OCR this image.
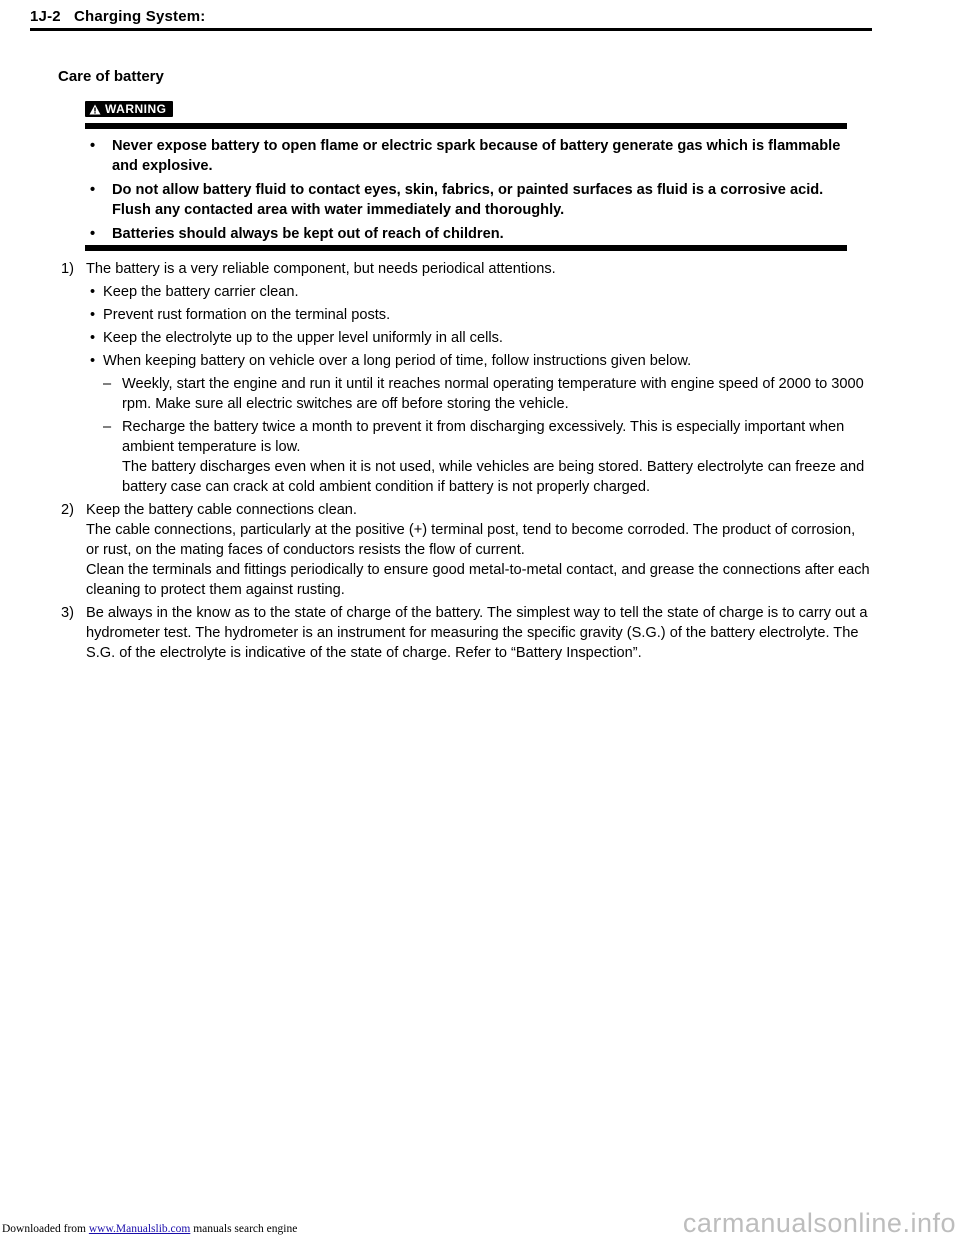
1J-2 Charging System:
Care of battery
WARNING
• Never expose battery to open flame or electric spark because of battery generate gas which is flammable and explosive.
• Do not allow battery fluid to contact eyes, skin, fabrics, or painted surfaces as fluid is a corrosive acid. Flush any contacted area with water immediately and thoroughly.
• Batteries should always be kept out of reach of children.
1) The battery is a very reliable component, but needs periodical attentions.
• Keep the battery carrier clean.
• Prevent rust formation on the terminal posts.
• Keep the electrolyte up to the upper level uniformly in all cells.
• When keeping battery on vehicle over a long period of time, follow instructions given below.
– Weekly, start the engine and run it until it reaches normal operating temperature with engine speed of 2000 to 3000 rpm. Make sure all electric switches are off before storing the vehicle.
– Recharge the battery twice a month to prevent it from discharging excessively. This is especially important when ambient temperature is low.
The battery discharges even when it is not used, while vehicles are being stored. Battery electrolyte can freeze and battery case can crack at cold ambient condition if battery is not properly charged.
2) Keep the battery cable connections clean.
The cable connections, particularly at the positive (+) terminal post, tend to become corroded. The product of corrosion, or rust, on the mating faces of conductors resists the flow of current.
Clean the terminals and fittings periodically to ensure good metal-to-metal contact, and grease the connections after each cleaning to protect them against rusting.
3) Be always in the know as to the state of charge of the battery. The simplest way to tell the state of charge is to carry out a hydrometer test. The hydrometer is an instrument for measuring the specific gravity (S.G.) of the battery electrolyte. The S.G. of the electrolyte is indicative of the state of charge. Refer to “Battery Inspection”.
Downloaded from www.Manualslib.com manuals search engine	carmanualsonline.info
